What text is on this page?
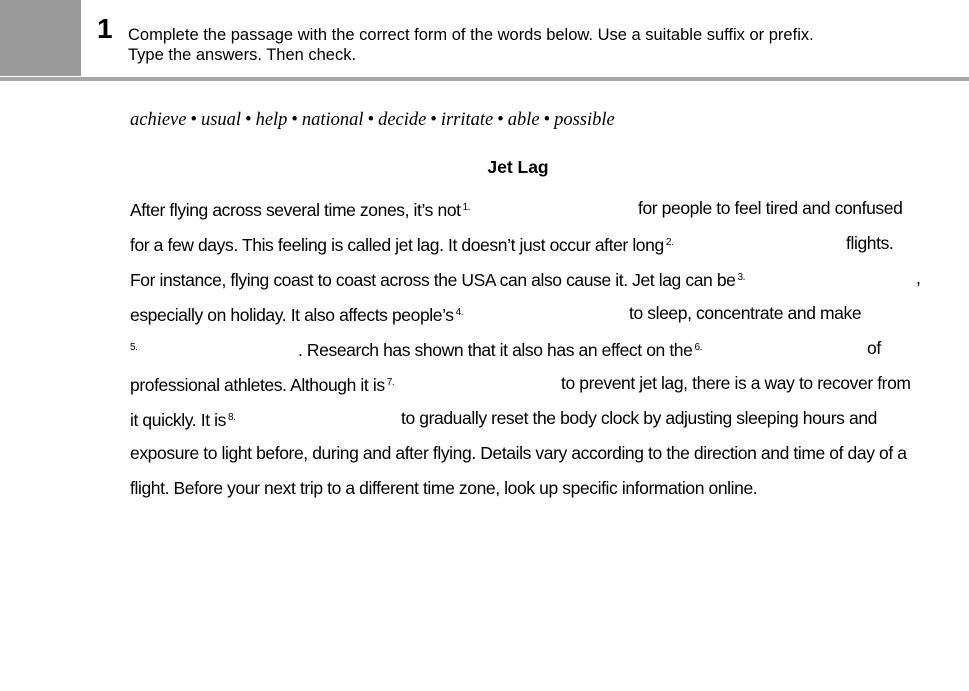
1 Complete the passage with the correct form of the words below. Use a suitable suffix or prefix.
Type the answers. Then check.
achieve • usual • help • national • decide • irritate • able • possible
Jet Lag
After flying across several time zones, it’s not $^{1.}$	for people to feel tired and confused
for a few days. This feeling is called jet lag. It doesn’t just occur after long $^{2.}$	flights.
For instance, flying coast to coast across the USA can also cause it. Jet lag can be $^{3.}$	,
especially on holiday. It also affects people’s $^{4.}$	to sleep, concentrate and make
$^{5.}$	. Research has shown that it also has an effect on the $^{6.}$	of
professional athletes. Although it is $^{7.}$	to prevent jet lag, there is a way to recover from
it quickly. It is $^{8.}$	to gradually reset the body clock by adjusting sleeping hours and
exposure to light before, during and after flying. Details vary according to the direction and time of day of a
flight. Before your next trip to a different time zone, look up specific information online.
